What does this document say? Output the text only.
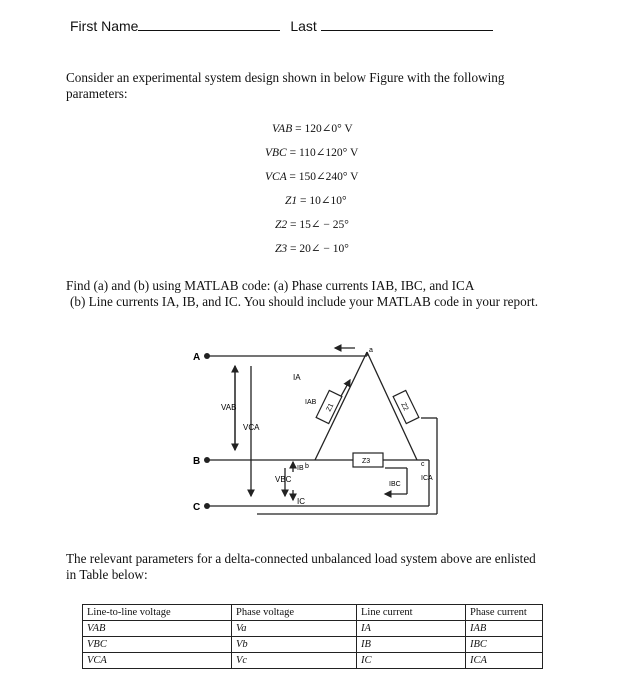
First Name	Last
Consider an experimental system design shown in below Figure with the following
parameters:
VAB = 120∠0° V
VBC = 110∠120° V
VCA = 150∠240° V
Z1 = 10∠10°
Z2 = 15∠ − 25°
Z3 = 20∠ − 10°
Find (a) and (b) using MATLAB code: (a) Phase currents IAB, IBC, and ICA
(b) Line currents IA, IB, and IC. You should include your MATLAB code in your report.
A
B
C
a
b	c
VAB
VCA
VBC
IA
IAB
IB
IC
IBC
ICA
Z1	Z2
Z3
The relevant parameters for a delta-connected unbalanced load system above are enlisted
in Table below:
Line-to-line voltage	Phase voltage	Line current	Phase current
VAB	Va	IA	IAB
VBC	Vb	IB	IBC
VCA	Vc	IC	ICA
